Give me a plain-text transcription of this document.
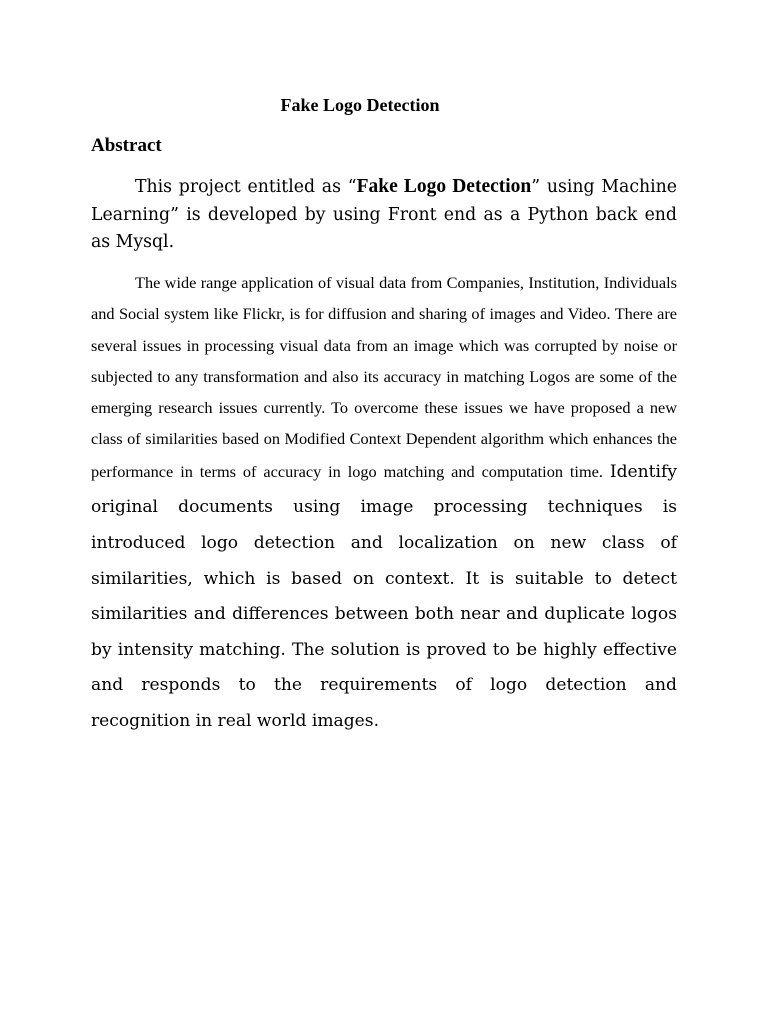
Fake Logo Detection
Abstract

This project entitled as “Fake Logo Detection” using Machine Learning” is developed by using Front end as a Python back end as Mysql.

The wide range application of visual data from Companies, Institution, Individuals and Social system like Flickr, is for diffusion and sharing of images and Video. There are several issues in processing visual data from an image which was corrupted by noise or subjected to any transformation and also its accuracy in matching Logos are some of the emerging research issues currently. To overcome these issues we have proposed a new class of similarities based on Modified Context Dependent algorithm which enhances the performance in terms of accuracy in logo matching and computation time. Identify original documents using image processing techniques is introduced logo detection and localization on new class of similarities, which is based on context. It is suitable to detect similarities and differences between both near and duplicate logos by intensity matching. The solution is proved to be highly effective and responds to the requirements of logo detection and recognition in real world images.
